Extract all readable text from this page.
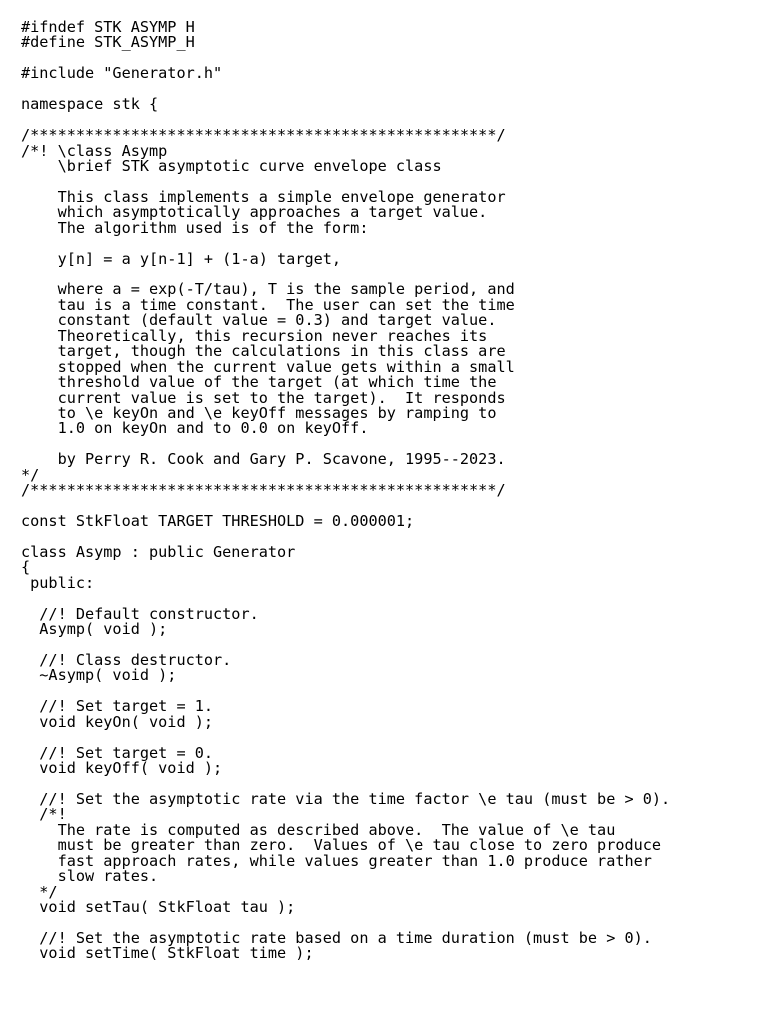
#ifndef STK_ASYMP_H
#define STK_ASYMP_H
#include "Generator.h"
namespace stk {
/***************************************************/
/*! \class Asymp
\brief STK asymptotic curve envelope class
This class implements a simple envelope generator
which asymptotically approaches a target value.
The algorithm used is of the form:
y[n] = a y[n-1] + (1-a) target,
where a = exp(-T/tau), T is the sample period, and
tau is a time constant.  The user can set the time
constant (default value = 0.3) and target value.
Theoretically, this recursion never reaches its
target, though the calculations in this class are
stopped when the current value gets within a small
threshold value of the target (at which time the
current value is set to the target).  It responds
to \e keyOn and \e keyOff messages by ramping to
1.0 on keyOn and to 0.0 on keyOff.
by Perry R. Cook and Gary P. Scavone, 1995--2023.
*/
/***************************************************/
const StkFloat TARGET_THRESHOLD = 0.000001;
class Asymp : public Generator
{
public:
//! Default constructor.
Asymp( void );
//! Class destructor.
~Asymp( void );
//! Set target = 1.
void keyOn( void );
//! Set target = 0.
void keyOff( void );
//! Set the asymptotic rate via the time factor \e tau (must be > 0).
/*!
The rate is computed as described above.  The value of \e tau
must be greater than zero.  Values of \e tau close to zero produce
fast approach rates, while values greater than 1.0 produce rather
slow rates.
*/
void setTau( StkFloat tau );
//! Set the asymptotic rate based on a time duration (must be > 0).
void setTime( StkFloat time );
